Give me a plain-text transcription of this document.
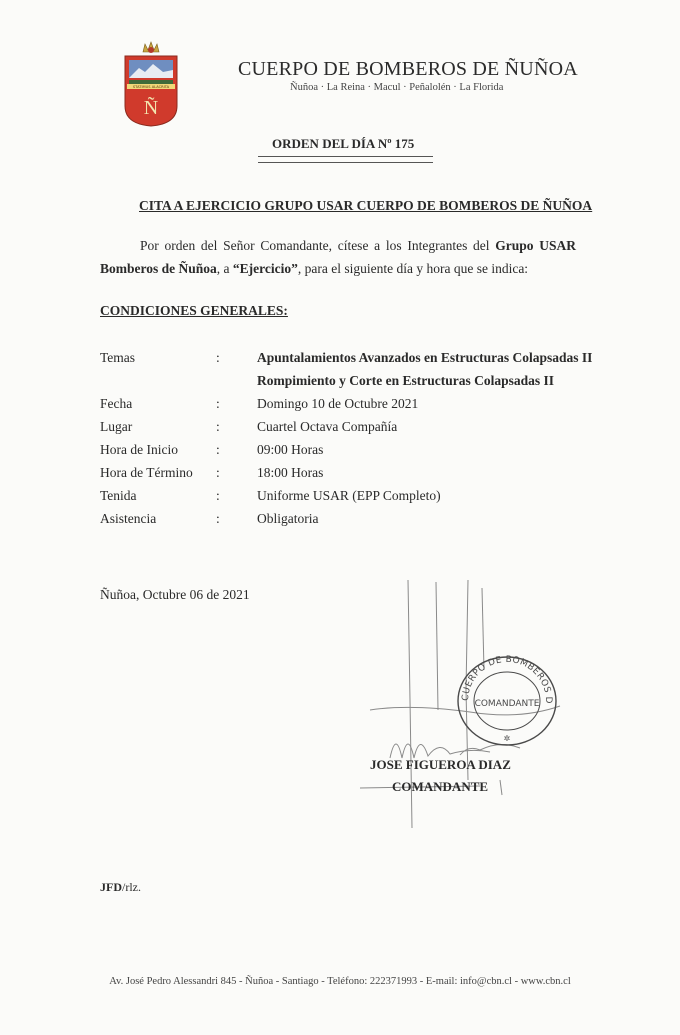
STATIMUS ALACRITA
Ñ
CUERPO DE BOMBEROS DE ÑUÑOA
Ñuñoa · La Reina · Macul · Peñalolén · La Florida
ORDEN DEL DÍA Nº 175
CITA A EJERCICIO GRUPO USAR CUERPO DE BOMBEROS DE ÑUÑOA
Por orden del Señor Comandante, cítese a los Integrantes del Grupo USAR Bomberos de Ñuñoa, a “Ejercicio”, para el siguiente día y hora que se indica:
CONDICIONES GENERALES:
Temas	:	Apuntalamientos Avanzados en Estructuras Colapsadas II
Rompimiento y Corte en Estructuras Colapsadas II
Fecha	:	Domingo 10 de Octubre 2021
Lugar	:	Cuartel Octava Compañía
Hora de Inicio	:	09:00 Horas
Hora de Término :	18:00 Horas
Tenida	:	Uniforme USAR (EPP Completo)
Asistencia	:	Obligatoria
Ñuñoa, Octubre 06 de 2021
CUERPO DE BOMBEROS D
COMANDANTE
✲
JOSE FIGUEROA DIAZ
COMANDANTE
JFD/rlz.
Av. José Pedro Alessandri 845 - Ñuñoa - Santiago - Teléfono: 222371993 - E-mail: info@cbn.cl - www.cbn.cl
